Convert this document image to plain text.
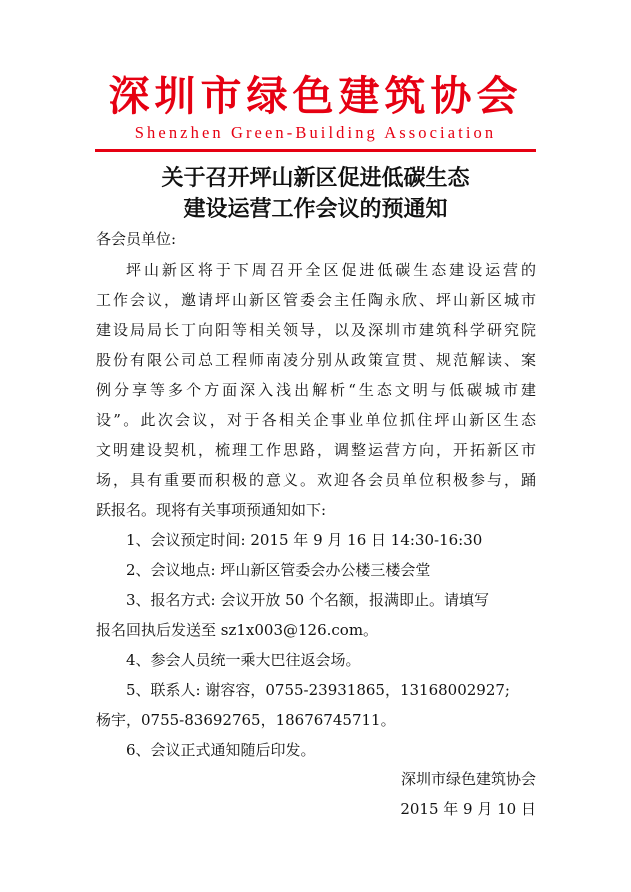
深圳市绿色建筑协会
Shenzhen Green-Building Association
关于召开坪山新区促进低碳生态
建设运营工作会议的预通知
各会员单位:
坪山新区将于下周召开全区促进低碳生态建设运营的
工作会议，邀请坪山新区管委会主任陶永欣、坪山新区城市
建设局局长丁向阳等相关领导，以及深圳市建筑科学研究院
股份有限公司总工程师南凌分别从政策宣贯、规范解读、案
例分享等多个方面深入浅出解析“生态文明与低碳城市建
设”。此次会议，对于各相关企事业单位抓住坪山新区生态
文明建设契机，梳理工作思路，调整运营方向，开拓新区市
场，具有重要而积极的意义。欢迎各会员单位积极参与，踊
跃报名。现将有关事项预通知如下:
1、会议预定时间: 2015 年 9 月 16 日 14:30-16:30
2、会议地点: 坪山新区管委会办公楼三楼会堂
3、报名方式: 会议开放 50 个名额，报满即止。请填写
报名回执后发送至 sz1x003@126.com。
4、参会人员统一乘大巴往返会场。
5、联系人: 谢容容，0755-23931865，13168002927;
杨宇，0755-83692765，18676745711。
6、会议正式通知随后印发。
深圳市绿色建筑协会
2015 年 9 月 10 日
